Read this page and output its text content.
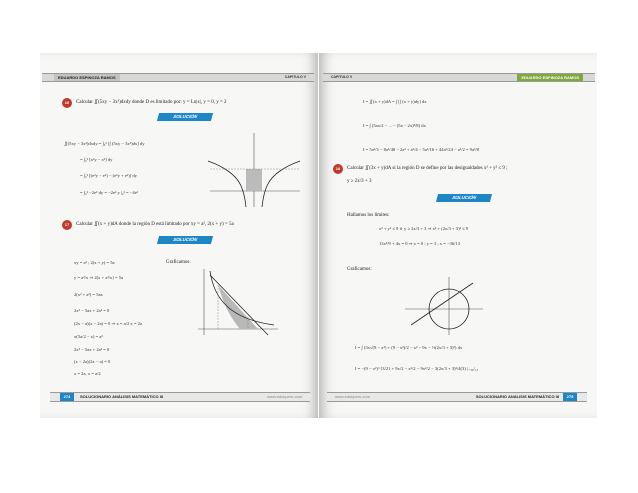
EDUARDO ESPINOZA RAMOS	CAPITULO V
16	Calcular ∬(5xy − 3x²)dxdy donde D es limitado por: y = Ln|x|, y = 0, y = 2
SOLUCIÓN
∬(5xy − 3x²)dxdy = ∫₀² [∫ (5xy − 3x²)dx] dy
= ∫₀² [x²y − x³] dy
= ∫₀² [(e²y − e³) − (e²y + e³)] dy
= ∫₀² −2e³ dy = −2e³ y |₀² = −4e³
17	Calcular ∬(x + y)dA donde la región D está limitado por xy = a², 2(x + y) = 5a
SOLUCIÓN
xy = a² ; 2(x + y) = 5a
y = a²/x ⇒ 2(x + a²/x) = 5a
2(x² + a²) = 5ax
2x² − 5ax + 2a² = 0
(2x − a)(x − 2a) = 0 ⇒ x = a/2 x = 2a
x(5a/2 − x) = a²
2x² − 5ax + 2a² = 0
(x − 2a)(2x − a) = 0
x = 2a, x = a/2
Graficamos:
274	SOLUCIONARIO ANÁLISIS MATEMÁTICO III	www.edukperu.com
CAPITULO V	EDUARDO ESPINOZA RAMOS
I = ∬(x + y)dA = ∫ [∫ (x + y)dy] dx
I = ∫ (5ax/2 − ... − (5a − 2x)²/8) dx
I = 5a³/3 − 8a³/48 − 2a³ + a³/4 − 5a³/16 + 44a³/24 − a³/2 = 9a³/8
18	Calcular ∬(3x + y)dA si la región D se define por las desigualdades x² + y² ≤ 9 ;
y ≥ 2x/3 + 3
SOLUCIÓN
Hallamos los límites:
x² + y² ≤ 9 ∧ y ≥ 2x/3 + 3 ⇒ x² + (2x/3 + 3)² ≤ 9
13x²/9 + 4x = 0 ⇒ x = 0 ; y = 3 ; x = −36/13
Graficamos:
I = ∫ (3x√(9 − x²) + (9 − x²)/2 − x² − 9x − ½(2x/3 + 3)²) dx
I = −(9 − x²)^{3/2} + 9x/2 − x³/2 − 9x²/2 − 3(2x/3 + 3)³/4(3) |₋₃₆/₁₃
www.edukperu.com	SOLUCIONARIO ANÁLISIS MATEMÁTICO III	275
